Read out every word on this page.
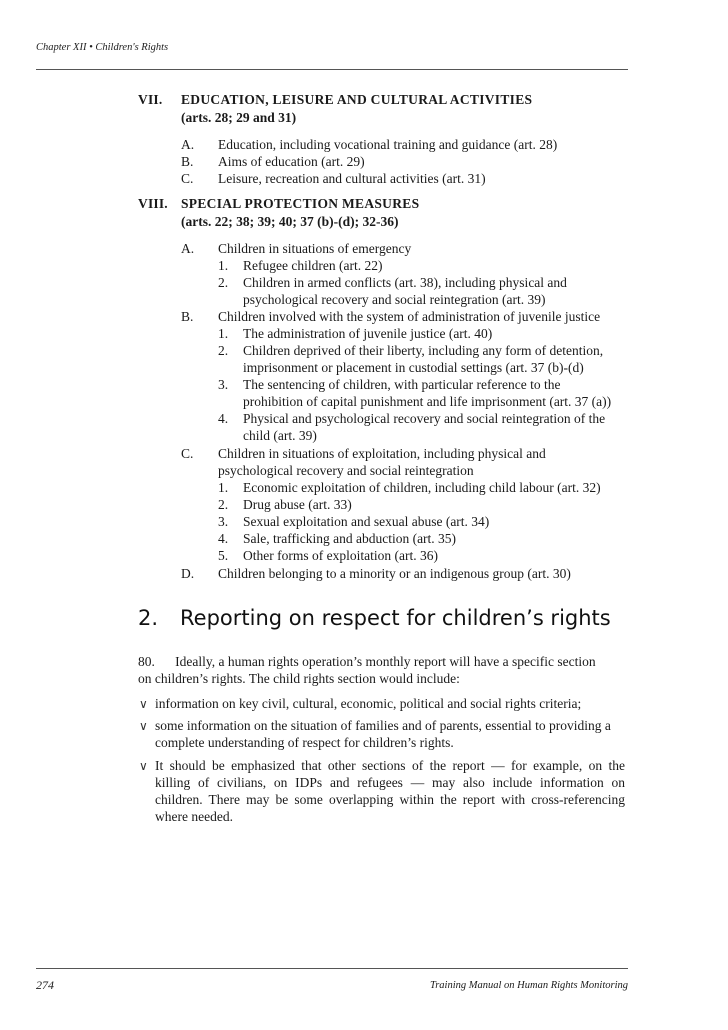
Chapter XII • Children's Rights
VII. EDUCATION, LEISURE AND CULTURAL ACTIVITIES
(arts. 28; 29 and 31)
A. Education, including vocational training and guidance (art. 28)
B. Aims of education (art. 29)
C. Leisure, recreation and cultural activities (art. 31)
VIII. SPECIAL PROTECTION MEASURES
(arts. 22; 38; 39; 40; 37 (b)-(d); 32-36)
A. Children in situations of emergency
1. Refugee children (art. 22)
2. Children in armed conflicts (art. 38), including physical and
psychological recovery and social reintegration (art. 39)
B. Children involved with the system of administration of juvenile justice
1. The administration of juvenile justice (art. 40)
2. Children deprived of their liberty, including any form of detention,
imprisonment or placement in custodial settings (art. 37 (b)-(d)
3. The sentencing of children, with particular reference to the
prohibition of capital punishment and life imprisonment (art. 37 (a))
4. Physical and psychological recovery and social reintegration of the
child (art. 39)
C. Children in situations of exploitation, including physical and
psychological recovery and social reintegration
1. Economic exploitation of children, including child labour (art. 32)
2. Drug abuse (art. 33)
3. Sexual exploitation and sexual abuse (art. 34)
4. Sale, trafficking and abduction (art. 35)
5. Other forms of exploitation (art. 36)
D. Children belonging to a minority or an indigenous group (art. 30)
2. Reporting on respect for children’s rights
80.      Ideally, a human rights operation’s monthly report will have a specific section
on children’s rights. The child rights section would include:
∨ information on key civil, cultural, economic, political and social rights criteria;
∨ some information on the situation of families and of parents, essential to providing a
complete understanding of respect for children’s rights.
∨ It should be emphasized that other sections of the report — for example, on the
killing of civilians, on IDPs and refugees — may also include information on
children. There may be some overlapping within the report with cross-referencing
where needed.
274	Training Manual on Human Rights Monitoring
